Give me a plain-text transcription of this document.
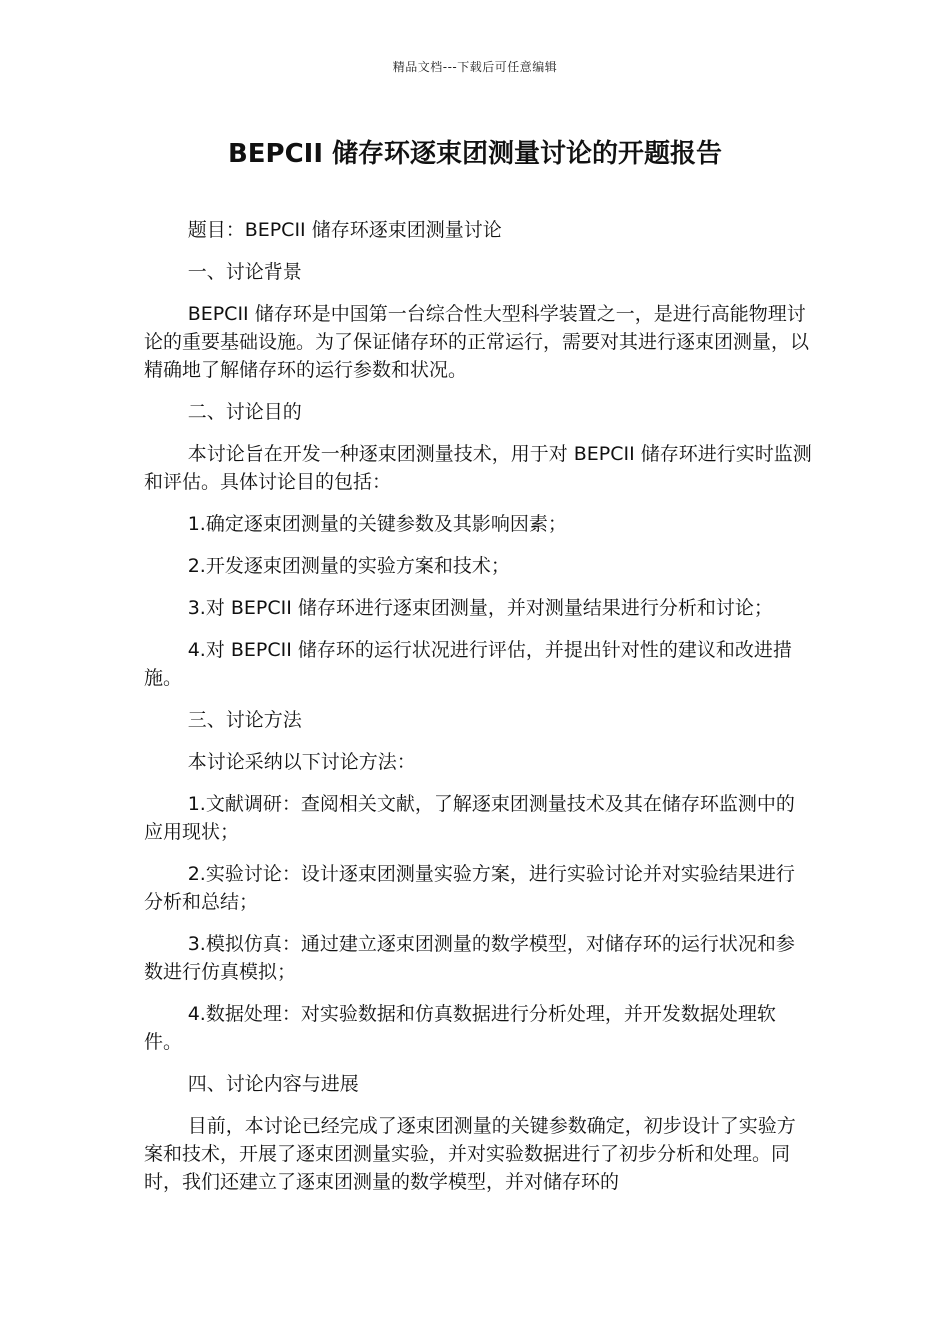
精品文档---下载后可任意编辑
BEPCII 储存环逐束团测量讨论的开题报告

题目：BEPCII 储存环逐束团测量讨论

一、讨论背景

BEPCII 储存环是中国第一台综合性大型科学装置之一，是进行高能物理讨论的重要基础设施。为了保证储存环的正常运行，需要对其进行逐束团测量，以精确地了解储存环的运行参数和状况。

二、讨论目的

本讨论旨在开发一种逐束团测量技术，用于对 BEPCII 储存环进行实时监测和评估。具体讨论目的包括：

1.确定逐束团测量的关键参数及其影响因素；

2.开发逐束团测量的实验方案和技术；

3.对 BEPCII 储存环进行逐束团测量，并对测量结果进行分析和讨论；

4.对 BEPCII 储存环的运行状况进行评估，并提出针对性的建议和改进措施。

三、讨论方法

本讨论采纳以下讨论方法：

1.文献调研：查阅相关文献，了解逐束团测量技术及其在储存环监测中的应用现状；

2.实验讨论：设计逐束团测量实验方案，进行实验讨论并对实验结果进行分析和总结；

3.模拟仿真：通过建立逐束团测量的数学模型，对储存环的运行状况和参数进行仿真模拟；

4.数据处理：对实验数据和仿真数据进行分析处理，并开发数据处理软件。

四、讨论内容与进展

目前，本讨论已经完成了逐束团测量的关键参数确定，初步设计了实验方案和技术，开展了逐束团测量实验，并对实验数据进行了初步分析和处理。同时，我们还建立了逐束团测量的数学模型，并对储存环的
